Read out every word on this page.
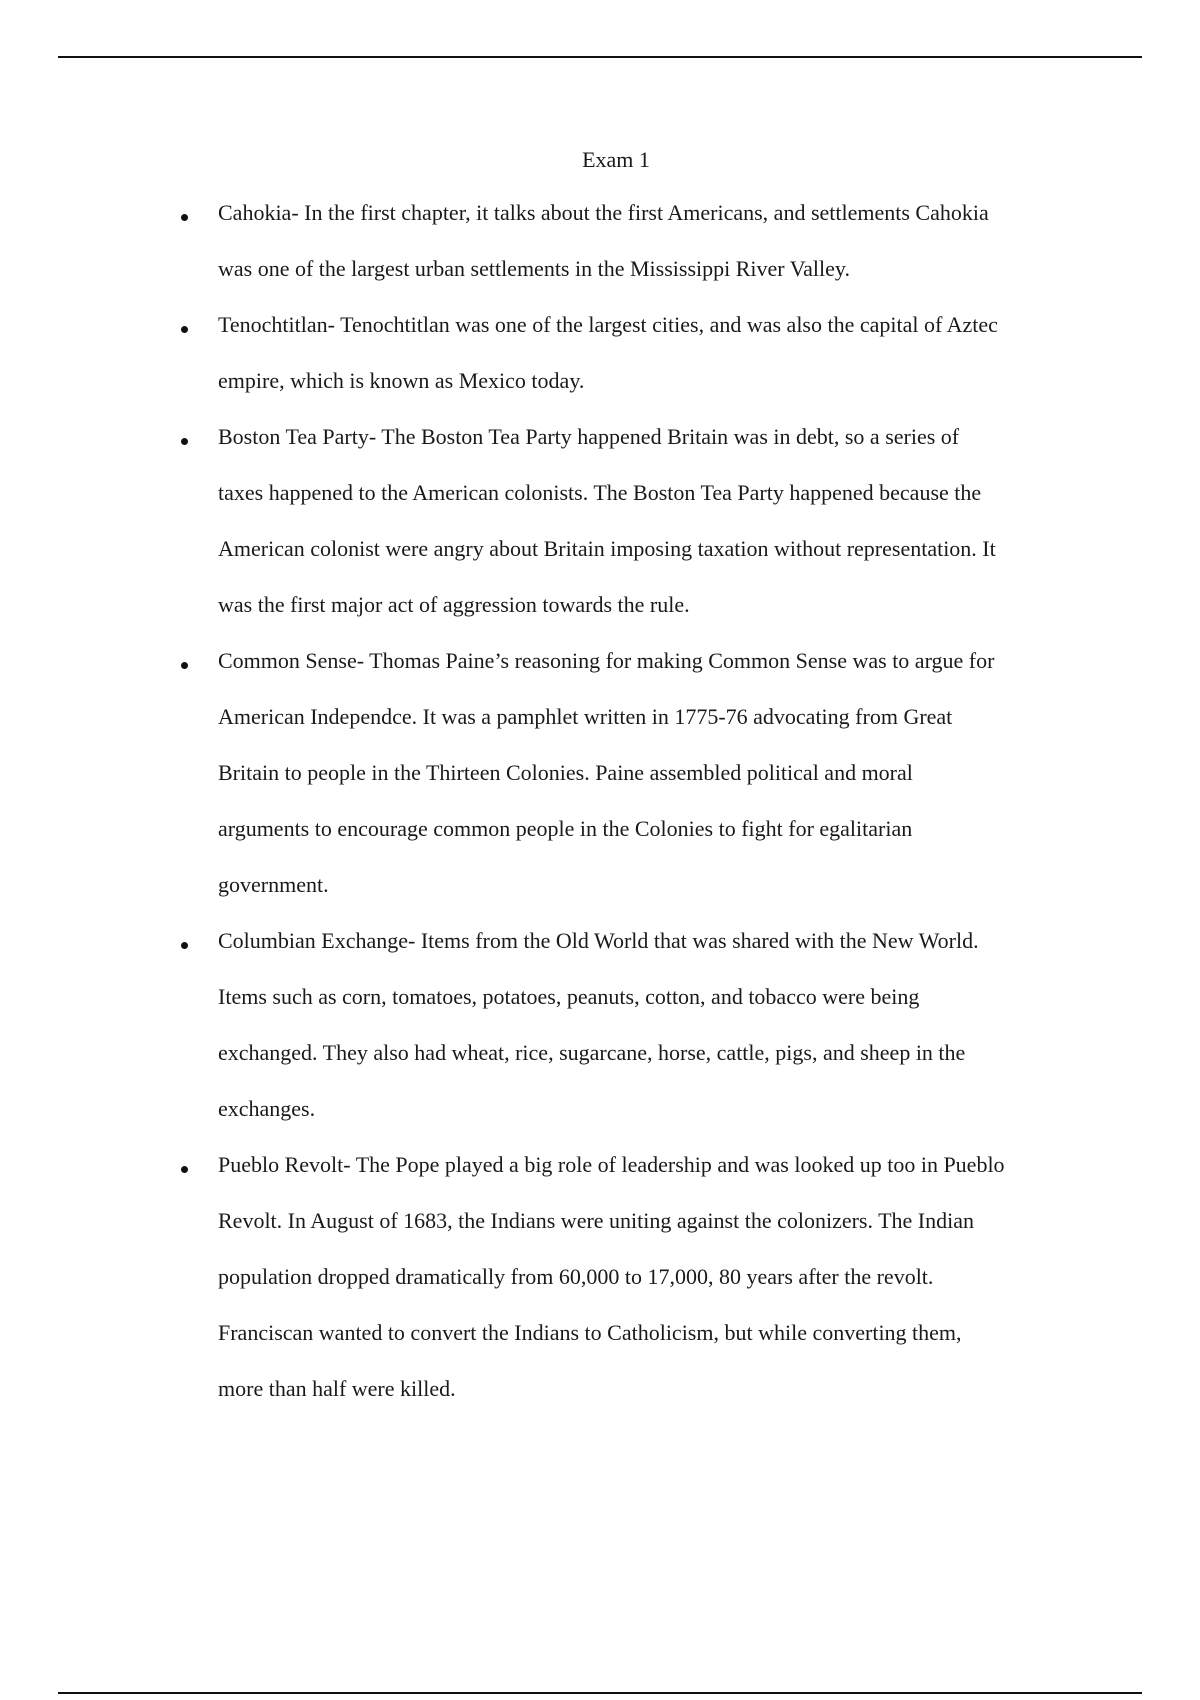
Exam 1
Cahokia- In the first chapter, it talks about the first Americans, and settlements Cahokia
was one of the largest urban settlements in the Mississippi River Valley.
Tenochtitlan- Tenochtitlan was one of the largest cities, and was also the capital of Aztec
empire, which is known as Mexico today.
Boston Tea Party- The Boston Tea Party happened Britain was in debt, so a series of
taxes happened to the American colonists. The Boston Tea Party happened because the
American colonist were angry about Britain imposing taxation without representation. It
was the first major act of aggression towards the rule.
Common Sense- Thomas Paine’s reasoning for making Common Sense was to argue for
American Independce. It was a pamphlet written in 1775-76 advocating from Great
Britain to people in the Thirteen Colonies. Paine assembled political and moral
arguments to encourage common people in the Colonies to fight for egalitarian
government.
Columbian Exchange- Items from the Old World that was shared with the New World.
Items such as corn, tomatoes, potatoes, peanuts, cotton, and tobacco were being
exchanged. They also had wheat, rice, sugarcane, horse, cattle, pigs, and sheep in the
exchanges.
Pueblo Revolt- The Pope played a big role of leadership and was looked up too in Pueblo
Revolt. In August of 1683, the Indians were uniting against the colonizers. The Indian
population dropped dramatically from 60,000 to 17,000, 80 years after the revolt.
Franciscan wanted to convert the Indians to Catholicism, but while converting them,
more than half were killed.
